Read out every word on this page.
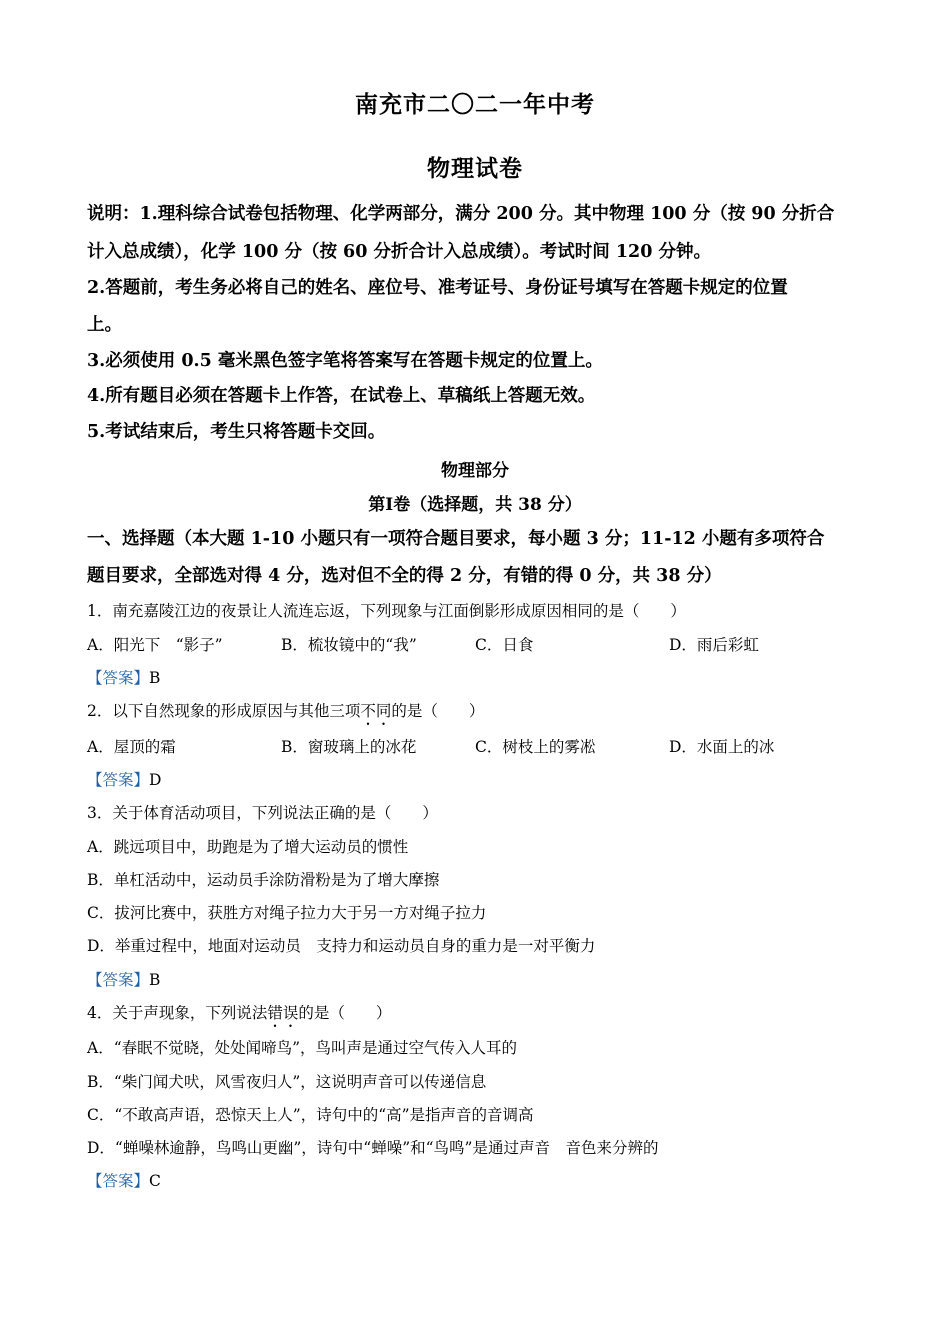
南充市二〇二一年中考
物理试卷
说明：1.理科综合试卷包括物理、化学两部分，满分 200 分。其中物理 100 分（按 90 分折合
计入总成绩），化学 100 分（按 60 分折合计入总成绩）。考试时间 120 分钟。
2.答题前，考生务必将自己的姓名、座位号、准考证号、身份证号填写在答题卡规定的位置
上。
3.必须使用 0.5 毫米黑色签字笔将答案写在答题卡规定的位置上。
4.所有题目必须在答题卡上作答，在试卷上、草稿纸上答题无效。
5.考试结束后，考生只将答题卡交回。
物理部分
第Ⅰ卷（选择题，共 38 分）
一、选择题（本大题 1-10 小题只有一项符合题目要求，每小题 3 分；11-12 小题有多项符合
题目要求，全部选对得 4 分，选对但不全的得 2 分，有错的得 0 分，共 38 分）
1．南充嘉陵江边的夜景让人流连忘返，下列现象与江面倒影形成原因相同的是（　　）
A．阳光下　“影子”	B．梳妆镜中的“我”	C．日食	D．雨后彩虹
【答案】B
2．以下自然现象的形成原因与其他三项不同的是（　　）
A．屋顶的霜	B．窗玻璃上的冰花	C．树枝上的雾凇	D．水面上的冰
【答案】D
3．关于体育活动项目，下列说法正确的是（　　）
A．跳远项目中，助跑是为了增大运动员的惯性
B．单杠活动中，运动员手涂防滑粉是为了增大摩擦
C．拔河比赛中，获胜方对绳子拉力大于另一方对绳子拉力
D．举重过程中，地面对运动员　支持力和运动员自身的重力是一对平衡力
【答案】B
4．关于声现象，下列说法错误的是（　　）
A．“春眠不觉晓，处处闻啼鸟”，鸟叫声是通过空气传入人耳的
B．“柴门闻犬吠，风雪夜归人”，这说明声音可以传递信息
C．“不敢高声语，恐惊天上人”，诗句中的“高”是指声音的音调高
D．“蝉噪林逾静，鸟鸣山更幽”，诗句中“蝉噪”和“鸟鸣”是通过声音　音色来分辨的
【答案】C
